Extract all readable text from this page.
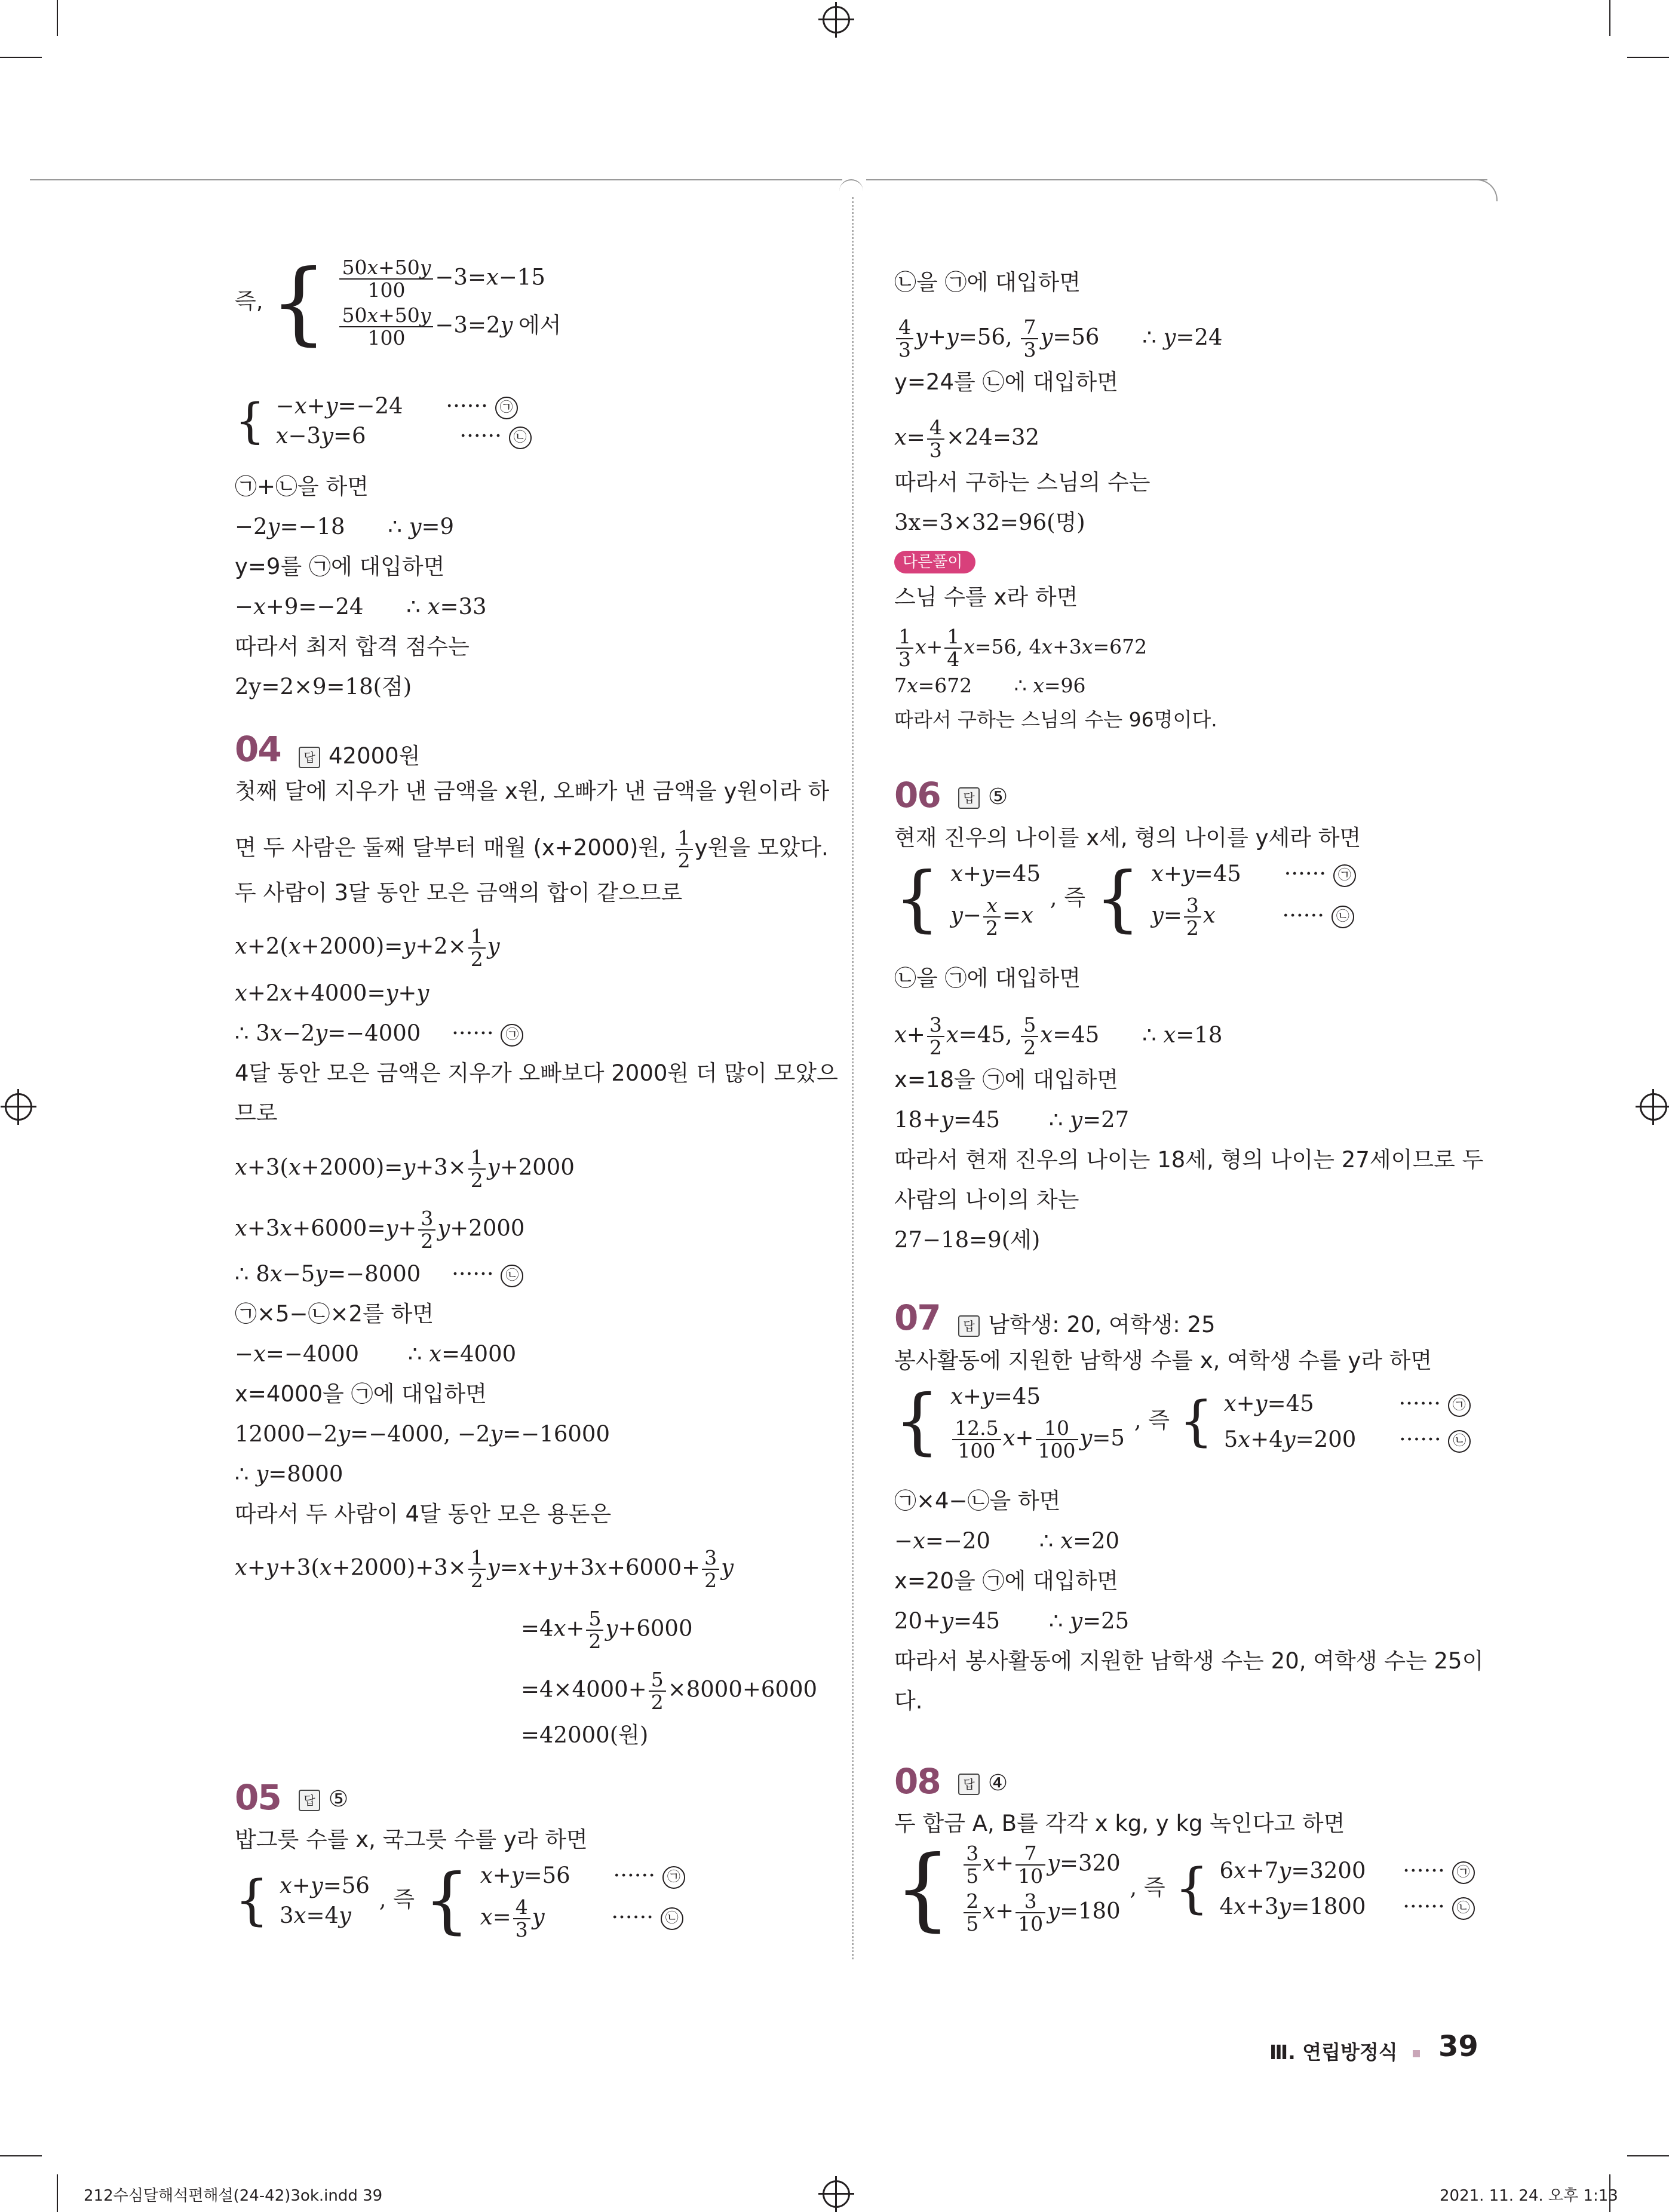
즉, { $\frac{50x+50y}{100} -3=x-15$
$\frac{50x+50y}{100} -3=2y$ 에서
{ −x+y=−24 ······ ㉠
x−3y=6	······ ㉡
㉠+㉡을 하면
−2y=−18 ∴ y=9
y=9를 ㉠에 대입하면
−x+9=−24 ∴ x=33
따라서 최저 합격 점수는
2y=2×9=18(점)
04	답 42000원
첫째 달에 지우가 낸 금액을 x원, 오빠가 낸 금액을 y원이라 하
면 두 사람은 둘째 달부터 매월 (x+2000)원, $\frac{1}{2}$ y원을 모았다.
두 사람이 3달 동안 모은 금액의 합이 같으므로
$x+2(x+2000)=y+2\times \frac{1}{2}$ y
x+2x+4000=y+y
∴ 3x−2y=−4000 ······ ㉠
4달 동안 모은 금액은 지우가 오빠보다 2000원 더 많이 모았으
므로
$x+3(x+2000)=y+3\times \frac{1}{2} y+2000$
$x+3x+6000=y+ \frac{3}{2} y+2000$
∴ 8x−5y=−8000 ······ ㉡
㉠×5−㉡×2를 하면
−x=−4000 ∴ x=4000
x=4000을 ㉠에 대입하면
12000−2y=−4000, −2y=−16000
∴ y=8000
따라서 두 사람이 4달 동안 모은 용돈은
$x+y+3(x+2000)+3\times \frac{1}{2} y=x+y+3x+6000+ \frac{3}{2}$ y
$=4x+ \frac{5}{2} y+6000$
$=4\times 4000+ \frac{5}{2} \times 8000+6000$
=42000(원)
05	답 ⑤
밥그릇 수를 x, 국그릇 수를 y라 하면
{ x+y=56
3x=4y
, 즉 { x+y=56 ······ ㉠
$x= \frac{4}{3}$ y	······ ㉡
㉡을 ㉠에 대입하면
$\frac{4}{3} y+y=56$, $\frac{7}{3} y=56$ ∴ y=24
y=24를 ㉡에 대입하면
$x= \frac{4}{3} \times 24=32$
따라서 구하는 스님의 수는
3x=3×32=96(명)
다른풀이
스님 수를 x라 하면
$\frac{1}{3} x+ \frac{1}{4} x=56$, 4x+3x=672
7x=672 ∴ x=96
따라서 구하는 스님의 수는 96명이다.
06	답 ⑤
현재 진우의 나이를 x세, 형의 나이를 y세라 하면
{ x+y=45
$y- \frac{x}{2} =x$
, 즉 { x+y=45 ······ ㉠
$y= \frac{3}{2}$ x	······ ㉡
㉡을 ㉠에 대입하면
$x+ \frac{3}{2} x=45$, $\frac{5}{2} x=45$ ∴ x=18
x=18을 ㉠에 대입하면
18+y=45 ∴ y=27
따라서 현재 진우의 나이는 18세, 형의 나이는 27세이므로 두
사람의 나이의 차는
27−18=9(세)
07	답 남학생: 20, 여학생: 25
봉사활동에 지원한 남학생 수를 x, 여학생 수를 y라 하면
{ x+y=45
$\frac{12.5}{100} x+ \frac{10}{100} y=5$
, 즉 { x+y=45	······ ㉠
5x+4y=200 ······ ㉡
㉠×4−㉡을 하면
−x=−20 ∴ x=20
x=20을 ㉠에 대입하면
20+y=45 ∴ y=25
따라서 봉사활동에 지원한 남학생 수는 20, 여학생 수는 25이
다.
08	답 ④
두 합금 A, B를 각각 x kg, y kg 녹인다고 하면
{ $\frac{3}{5} x+ \frac{7}{10} y=320$
$\frac{2}{5} x+ \frac{3}{10} y=180$
, 즉 { 6x+7y=3200 ······ ㉠
4x+3y=1800 ······ ㉡
Ⅲ. 연립방정식	39
212수심달해석편해설(24-42)3ok.indd 39	2021. 11. 24. 오후 1:13
